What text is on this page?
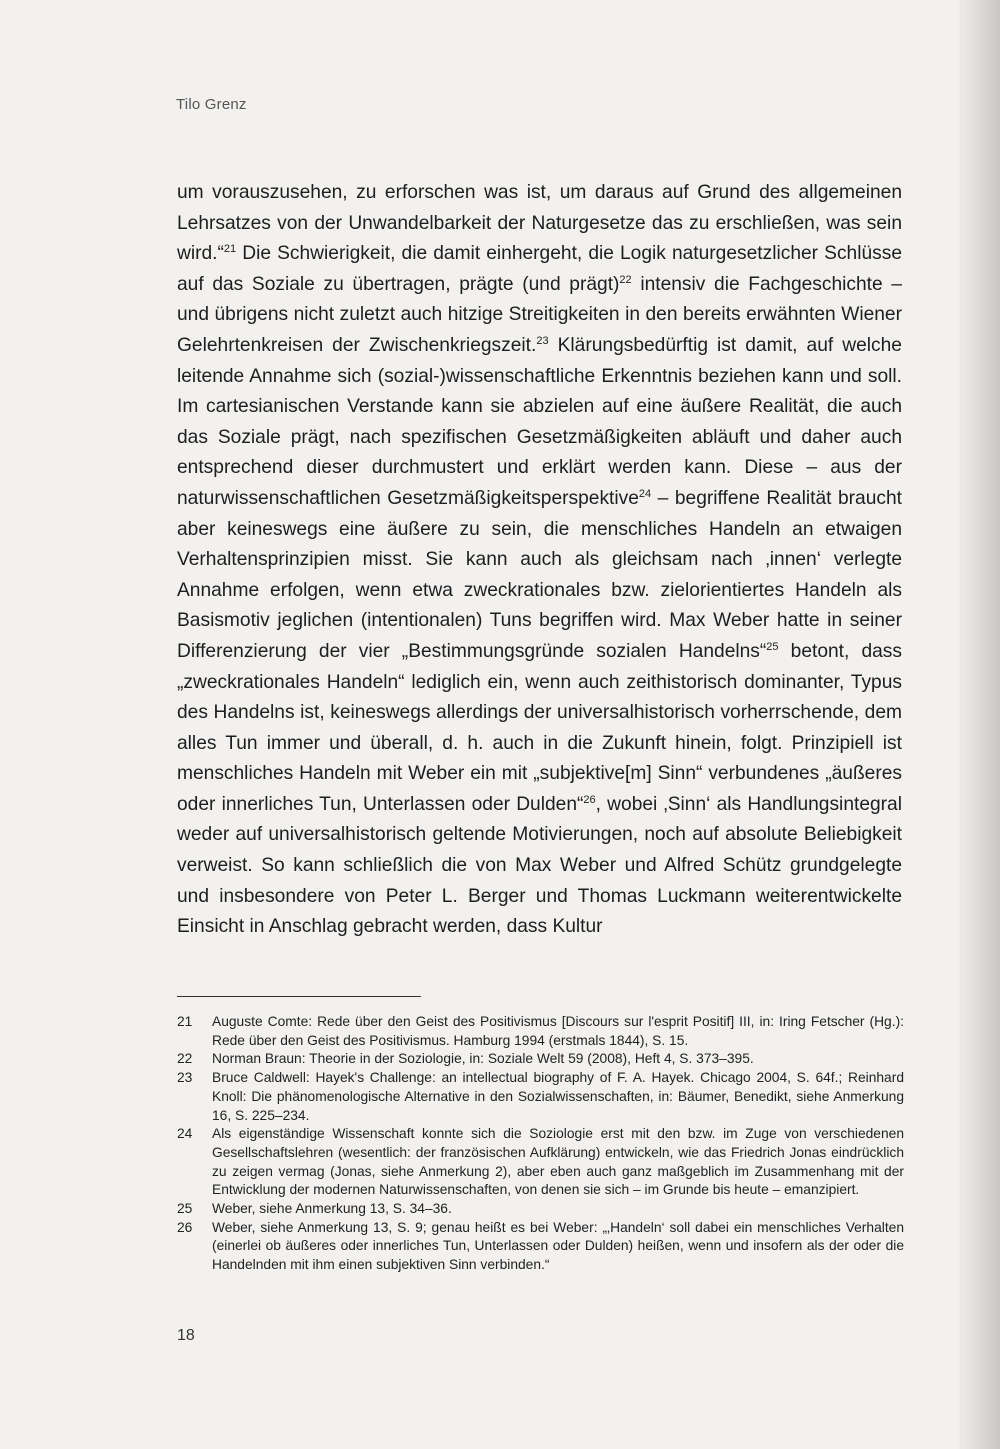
Tilo Grenz

um vorauszusehen, zu erforschen was ist, um daraus auf Grund des allgemeinen Lehrsatzes von der Unwandelbarkeit der Naturgesetze das zu erschließen, was sein wird.“$^{21}$ Die Schwierigkeit, die damit einhergeht, die Logik naturgesetzlicher Schlüsse auf das Soziale zu übertragen, prägte (und prägt)$^{22}$ intensiv die Fachgeschichte – und übrigens nicht zuletzt auch hitzige Streitigkeiten in den bereits erwähnten Wiener Gelehrtenkreisen der Zwischenkriegszeit.$^{23}$ Klärungsbedürftig ist damit, auf welche leitende Annahme sich (sozial-)wissenschaftliche Erkenntnis beziehen kann und soll. Im cartesianischen Verstande kann sie abzielen auf eine äußere Realität, die auch das Soziale prägt, nach spezifischen Gesetzmäßigkeiten abläuft und daher auch entsprechend dieser durchmustert und erklärt werden kann. Diese – aus der naturwissenschaftlichen Gesetzmäßigkeitsperspektive$^{24}$ – begriffene Realität braucht aber keineswegs eine äußere zu sein, die menschliches Handeln an etwaigen Verhaltensprinzipien misst. Sie kann auch als gleichsam nach ‚innen‘ verlegte Annahme erfolgen, wenn etwa zweckrationales bzw. zielorientiertes Handeln als Basismotiv jeglichen (intentionalen) Tuns begriffen wird. Max Weber hatte in seiner Differenzierung der vier „Bestimmungsgründe sozialen Handelns“$^{25}$ betont, dass „zweckrationales Handeln“ lediglich ein, wenn auch zeithistorisch dominanter, Typus des Handelns ist, keineswegs allerdings der universalhistorisch vorherrschende, dem alles Tun immer und überall, d. h. auch in die Zukunft hinein, folgt. Prinzipiell ist menschliches Handeln mit Weber ein mit „subjektive[m] Sinn“ verbundenes „äußeres oder innerliches Tun, Unterlassen oder Dulden“$^{26}$, wobei ‚Sinn‘ als Handlungsintegral weder auf universalhistorisch geltende Motivierungen, noch auf absolute Beliebigkeit verweist. So kann schließlich die von Max Weber und Alfred Schütz grundgelegte und insbesondere von Peter L. Berger und Thomas Luckmann weiterentwickelte Einsicht in Anschlag gebracht werden, dass Kultur

21	Auguste Comte: Rede über den Geist des Positivismus [Discours sur l'esprit Positif] III, in: Iring Fetscher (Hg.): Rede über den Geist des Positivismus. Hamburg 1994 (erstmals 1844), S. 15.
22	Norman Braun: Theorie in der Soziologie, in: Soziale Welt 59 (2008), Heft 4, S. 373–395.
23	Bruce Caldwell: Hayek's Challenge: an intellectual biography of F. A. Hayek. Chicago 2004, S. 64f.; Reinhard Knoll: Die phänomenologische Alternative in den Sozialwissenschaften, in: Bäumer, Benedikt, siehe Anmerkung 16, S. 225–234.
24	Als eigenständige Wissenschaft konnte sich die Soziologie erst mit den bzw. im Zuge von verschiedenen Gesellschaftslehren (wesentlich: der französischen Aufklärung) entwickeln, wie das Friedrich Jonas eindrücklich zu zeigen vermag (Jonas, siehe Anmerkung 2), aber eben auch ganz maßgeblich im Zusammenhang mit der Entwicklung der modernen Naturwissenschaften, von denen sie sich – im Grunde bis heute – emanzipiert.
25	Weber, siehe Anmerkung 13, S. 34–36.
26	Weber, siehe Anmerkung 13, S. 9; genau heißt es bei Weber: „‚Handeln‘ soll dabei ein menschliches Verhalten (einerlei ob äußeres oder innerliches Tun, Unterlassen oder Dulden) heißen, wenn und insofern als der oder die Handelnden mit ihm einen subjektiven Sinn verbinden.“
18
